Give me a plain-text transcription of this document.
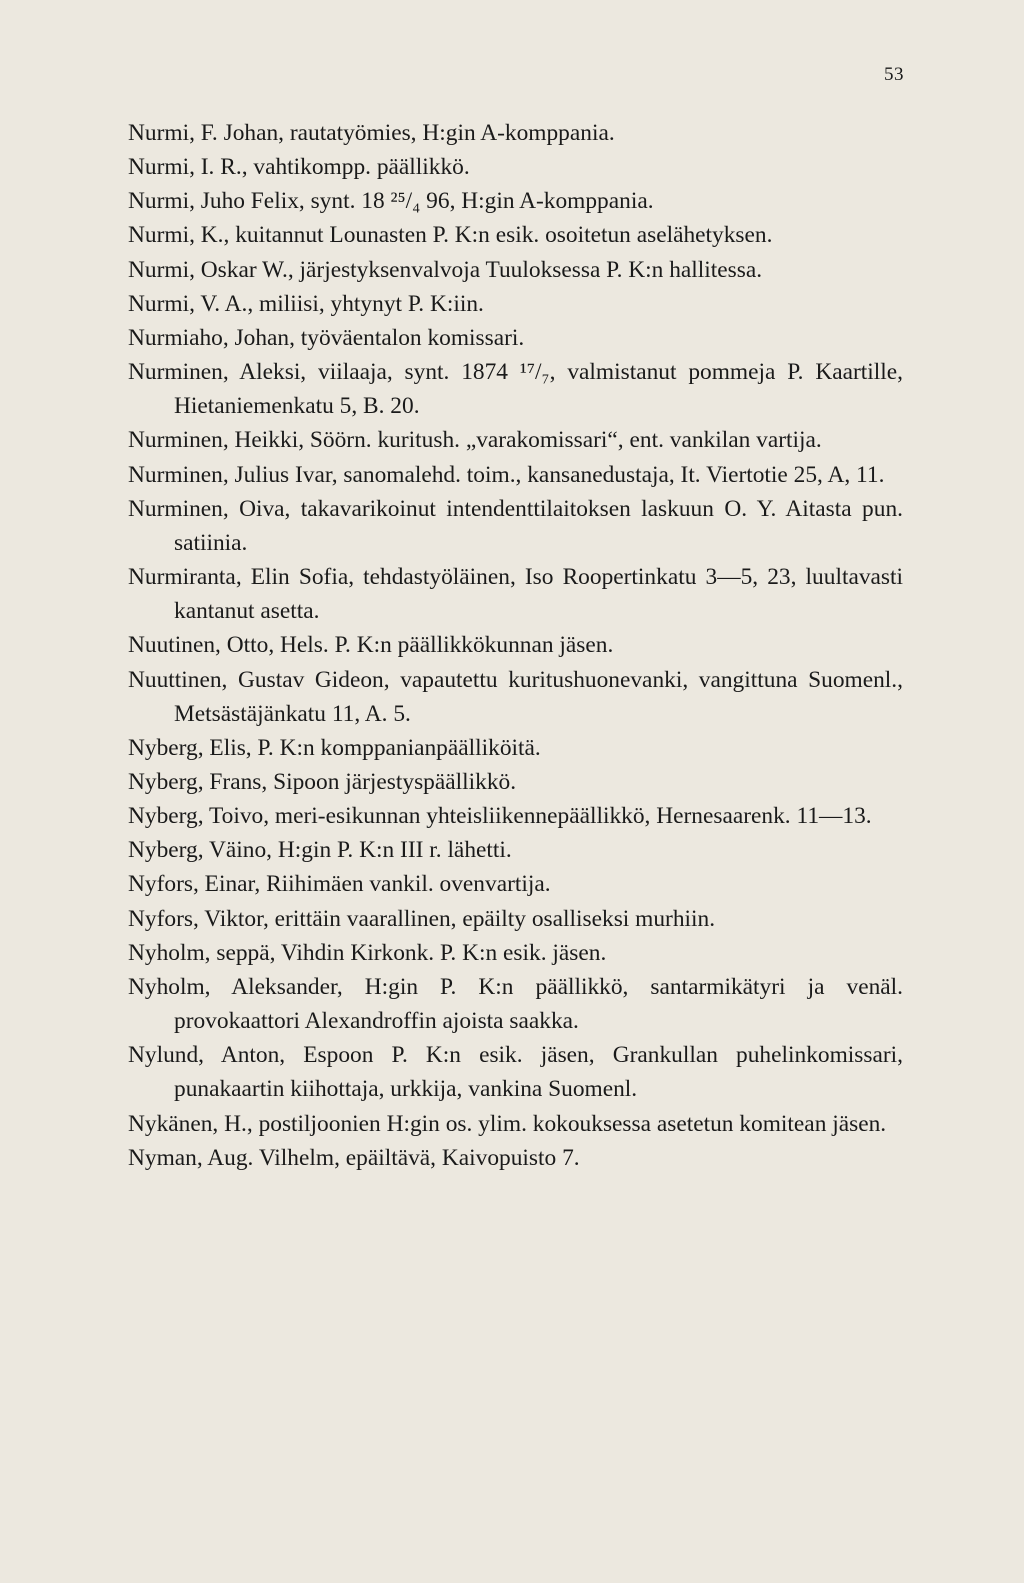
53
Nurmi, F. Johan, rautatyömies, H:gin A-komppania.
Nurmi, I. R., vahtikompp. päällikkö.
Nurmi, Juho Felix, synt. 18 ²⁵/₄ 96, H:gin A-komppania.
Nurmi, K., kuitannut Lounasten P. K:n esik. osoitetun aselähetyksen.
Nurmi, Oskar W., järjestyksenvalvoja Tuuloksessa P. K:n hallitessa.
Nurmi, V. A., miliisi, yhtynyt P. K:iin.
Nurmiaho, Johan, työväentalon komissari.
Nurminen, Aleksi, viilaaja, synt. 1874 ¹⁷/₇, valmistanut pommeja P. Kaartille, Hietaniemenkatu 5, B. 20.
Nurminen, Heikki, Söörn. kuritush. „varakomissari“, ent. vankilan vartija.
Nurminen, Julius Ivar, sanomalehd. toim., kansanedustaja, It. Viertotie 25, A, 11.
Nurminen, Oiva, takavarikoinut intendenttilaitoksen laskuun O. Y. Aitasta pun. satiinia.
Nurmiranta, Elin Sofia, tehdastyöläinen, Iso Roopertinkatu 3—5, 23, luultavasti kantanut asetta.
Nuutinen, Otto, Hels. P. K:n päällikkökunnan jäsen.
Nuuttinen, Gustav Gideon, vapautettu kuritushuonevanki, vangittuna Suomenl., Metsästäjänkatu 11, A. 5.
Nyberg, Elis, P. K:n komppanianpäälliköitä.
Nyberg, Frans, Sipoon järjestyspäällikkö.
Nyberg, Toivo, meri-esikunnan yhteisliikennepäällikkö, Hernesaarenk. 11—13.
Nyberg, Väino, H:gin P. K:n III r. lähetti.
Nyfors, Einar, Riihimäen vankil. ovenvartija.
Nyfors, Viktor, erittäin vaarallinen, epäilty osalliseksi murhiin.
Nyholm, seppä, Vihdin Kirkonk. P. K:n esik. jäsen.
Nyholm, Aleksander, H:gin P. K:n päällikkö, santarmikätyri ja venäl. provokaattori Alexandroffin ajoista saakka.
Nylund, Anton, Espoon P. K:n esik. jäsen, Grankullan puhelinkomissari, punakaartin kiihottaja, urkkija, vankina Suomenl.
Nykänen, H., postiljoonien H:gin os. ylim. kokouksessa asetetun komitean jäsen.
Nyman, Aug. Vilhelm, epäiltävä, Kaivopuisto 7.
